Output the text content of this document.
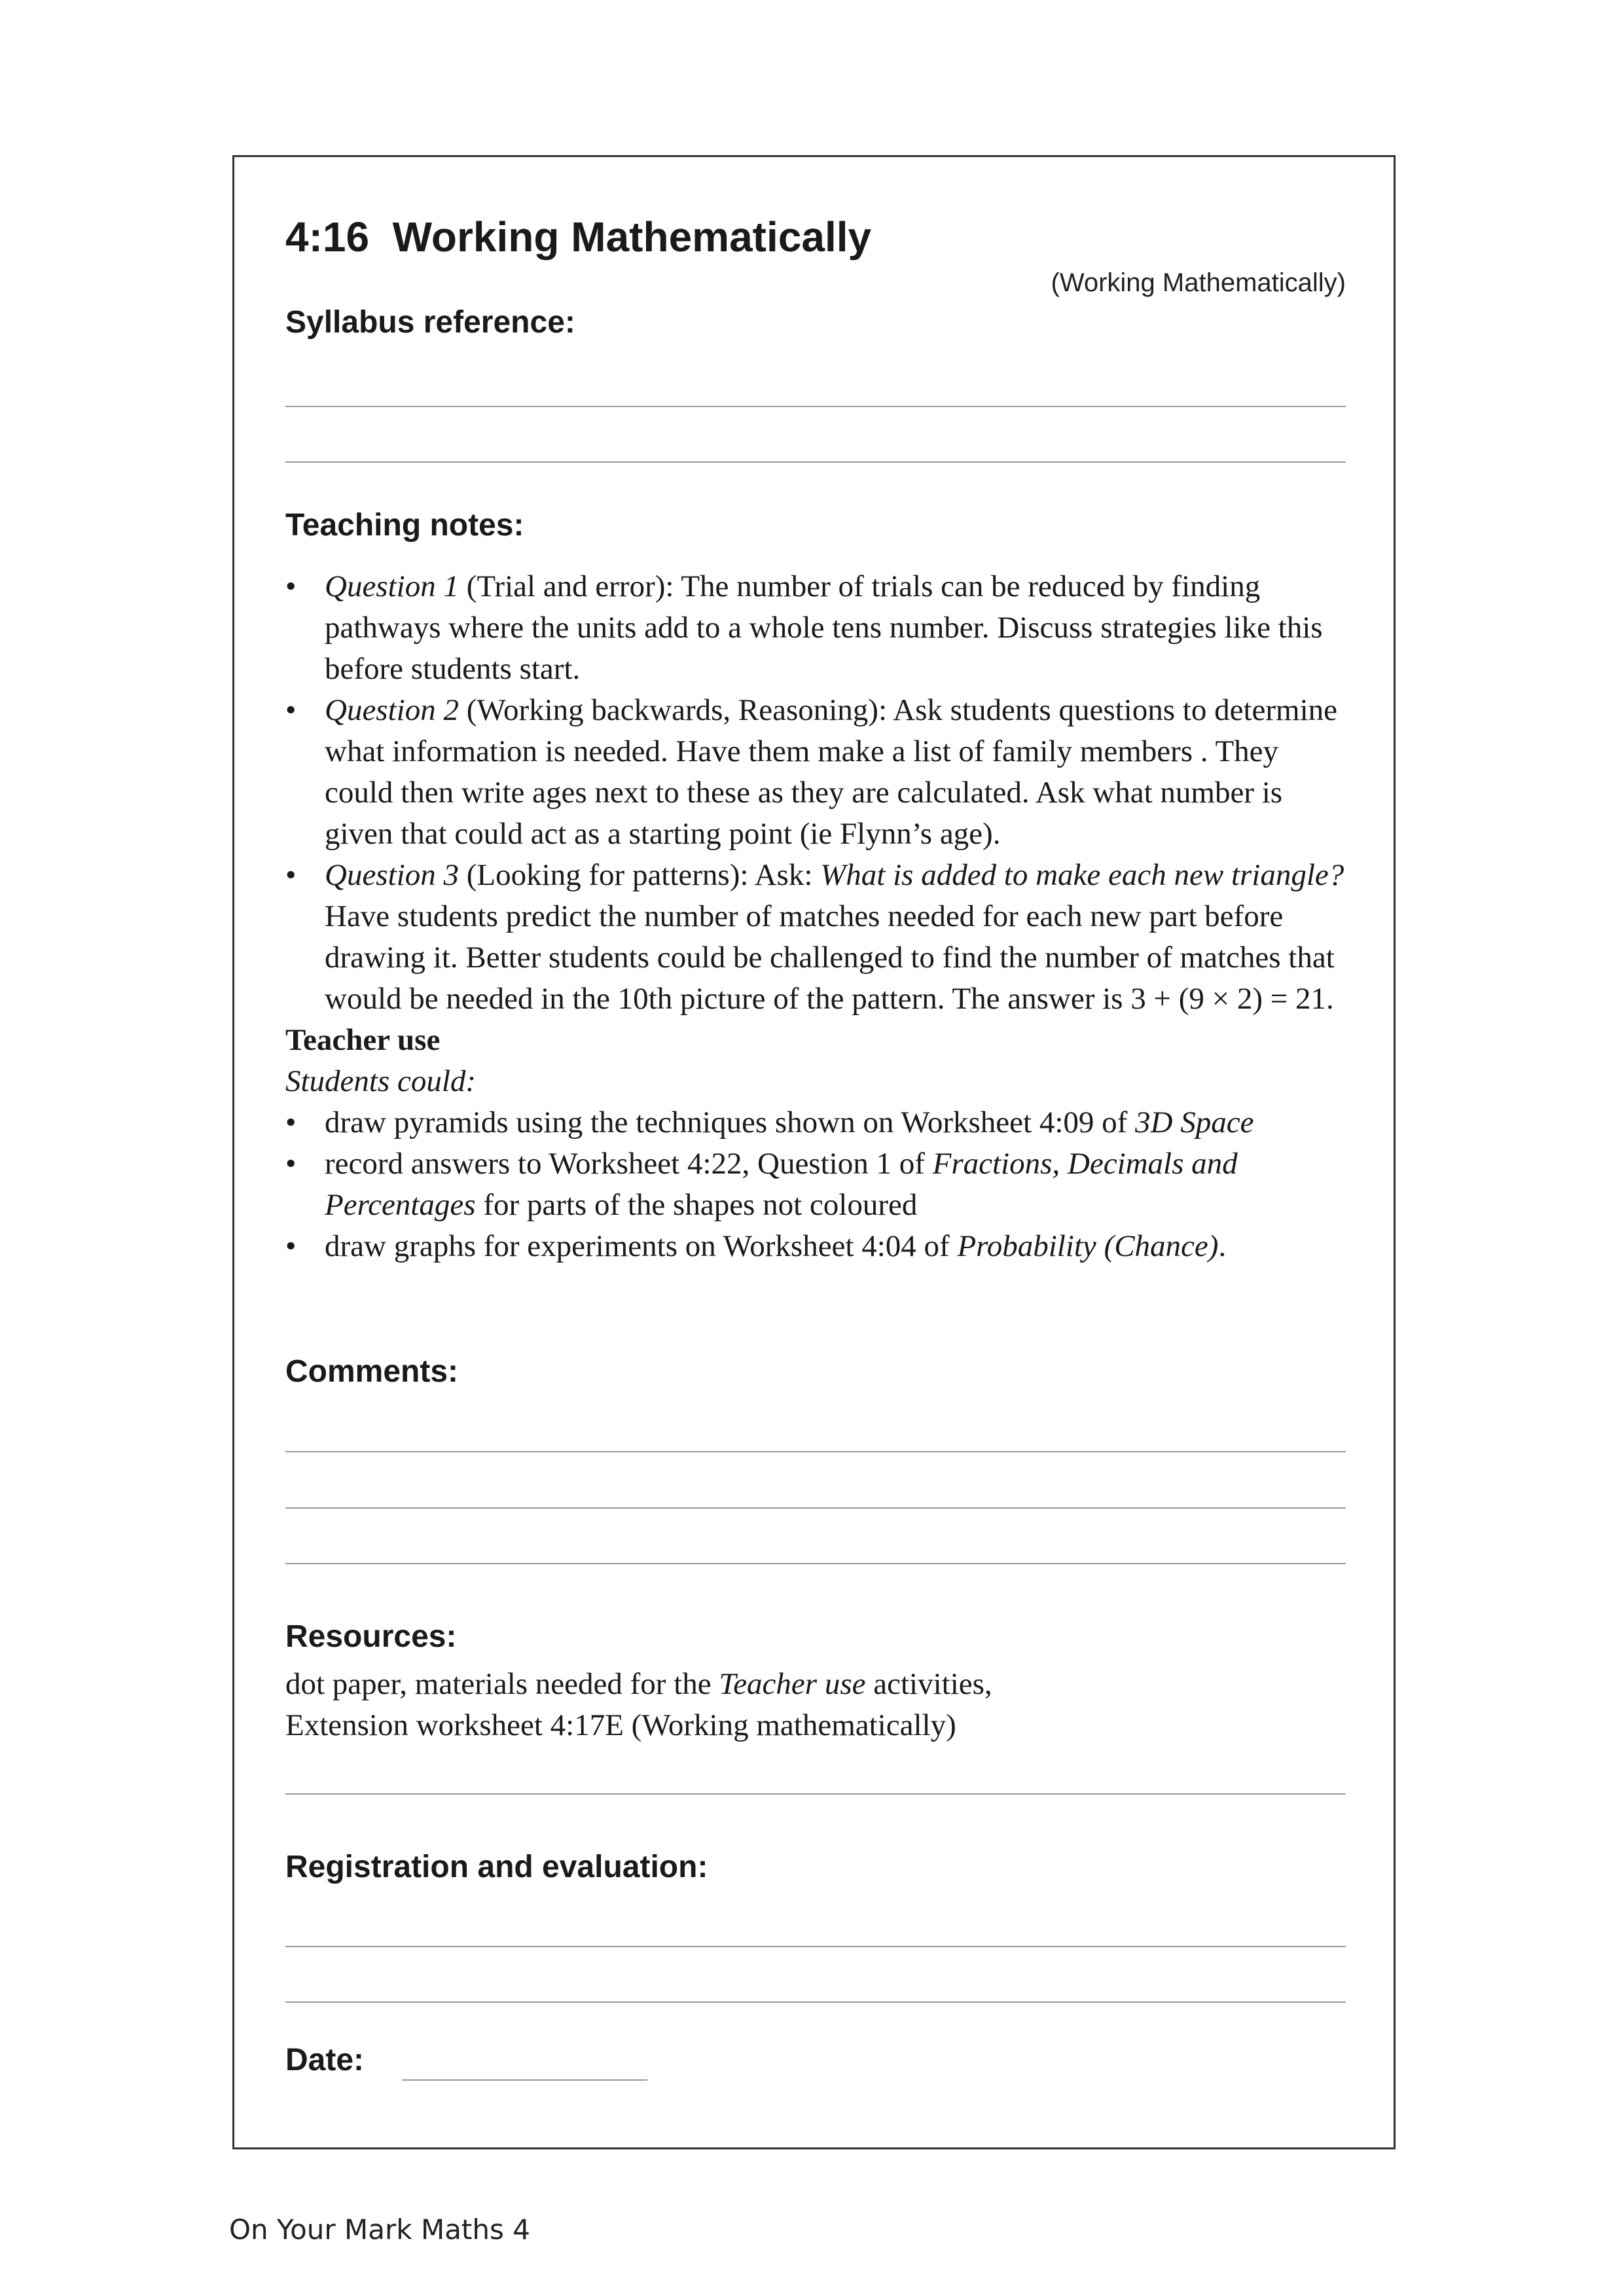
4:16  Working Mathematically
(Working Mathematically)
Syllabus reference:
Teaching notes:
• Question 1 (Trial and error): The number of trials can be reduced by finding pathways where the units add to a whole tens number. Discuss strategies like this before students start.
• Question 2 (Working backwards, Reasoning): Ask students questions to determine what information is needed. Have them make a list of family members . They could then write ages next to these as they are calculated. Ask what number is given that could act as a starting point (ie Flynn’s age).
• Question 3 (Looking for patterns): Ask: What is added to make each new triangle? Have students predict the number of matches needed for each new part before drawing it. Better students could be challenged to find the number of matches that would be needed in the 10th picture of the pattern. The answer is 3 + (9 × 2) = 21.

Teacher use

Students could:

• draw pyramids using the techniques shown on Worksheet 4:09 of 3D Space
• record answers to Worksheet 4:22, Question 1 of Fractions, Decimals and Percentages for parts of the shapes not coloured
• draw graphs for experiments on Worksheet 4:04 of Probability (Chance).
Comments:
Resources:

dot paper, materials needed for the Teacher use activities,

Extension worksheet 4:17E (Working mathematically)

Registration and evaluation:
Date:
On Your Mark Maths 4
